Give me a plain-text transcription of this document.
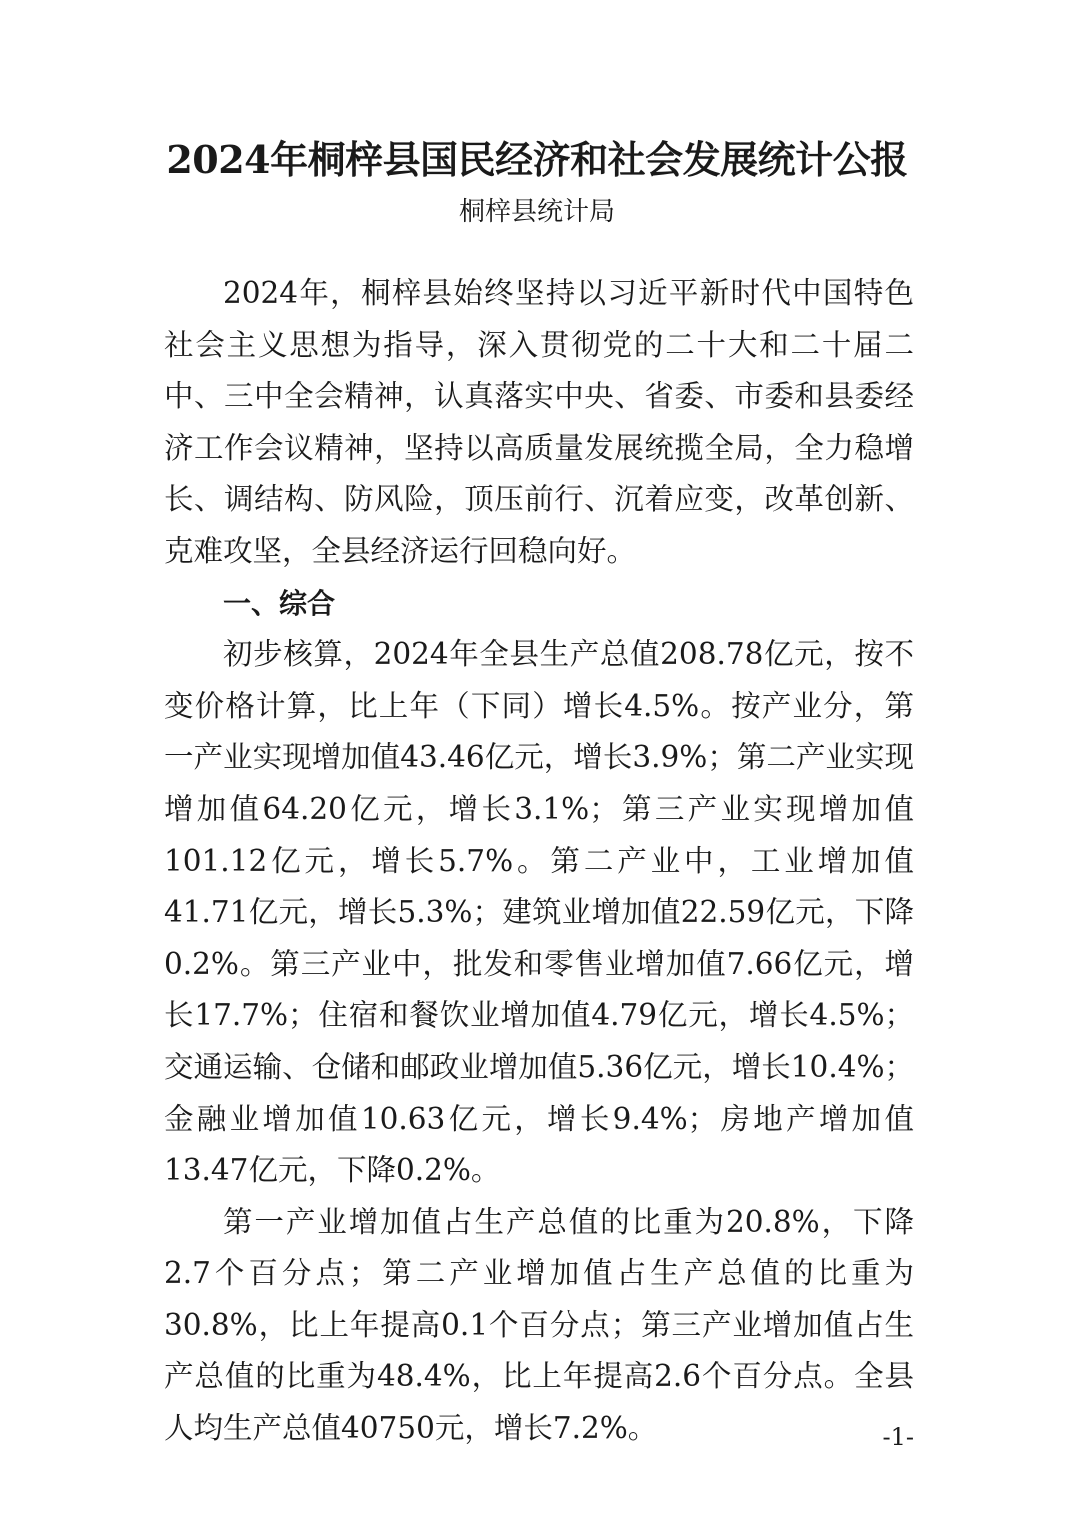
2024年桐梓县国民经济和社会发展统计公报
桐梓县统计局

2024年，桐梓县始终坚持以习近平新时代中国特色社会主义思想为指导，深入贯彻党的二十大和二十届二中、三中全会精神，认真落实中央、省委、市委和县委经济工作会议精神，坚持以高质量发展统揽全局，全力稳增长、调结构、防风险，顶压前行、沉着应变，改革创新、克难攻坚，全县经济运行回稳向好。

一、综合

初步核算，2024年全县生产总值208.78亿元，按不变价格计算，比上年（下同）增长4.5%。按产业分，第一产业实现增加值43.46亿元，增长3.9%；第二产业实现增加值64.20亿元，增长3.1%；第三产业实现增加值101.12亿元，增长5.7%。第二产业中，工业增加值41.71亿元，增长5.3%；建筑业增加值22.59亿元，下降0.2%。第三产业中，批发和零售业增加值7.66亿元，增长17.7%；住宿和餐饮业增加值4.79亿元，增长4.5%；交通运输、仓储和邮政业增加值5.36亿元，增长10.4%；金融业增加值10.63亿元，增长9.4%；房地产增加值13.47亿元，下降0.2%。

第一产业增加值占生产总值的比重为20.8%，下降2.7个百分点；第二产业增加值占生产总值的比重为30.8%，比上年提高0.1个百分点；第三产业增加值占生产总值的比重为48.4%，比上年提高2.6个百分点。全县人均生产总值40750元，增长7.2%。	-1-
